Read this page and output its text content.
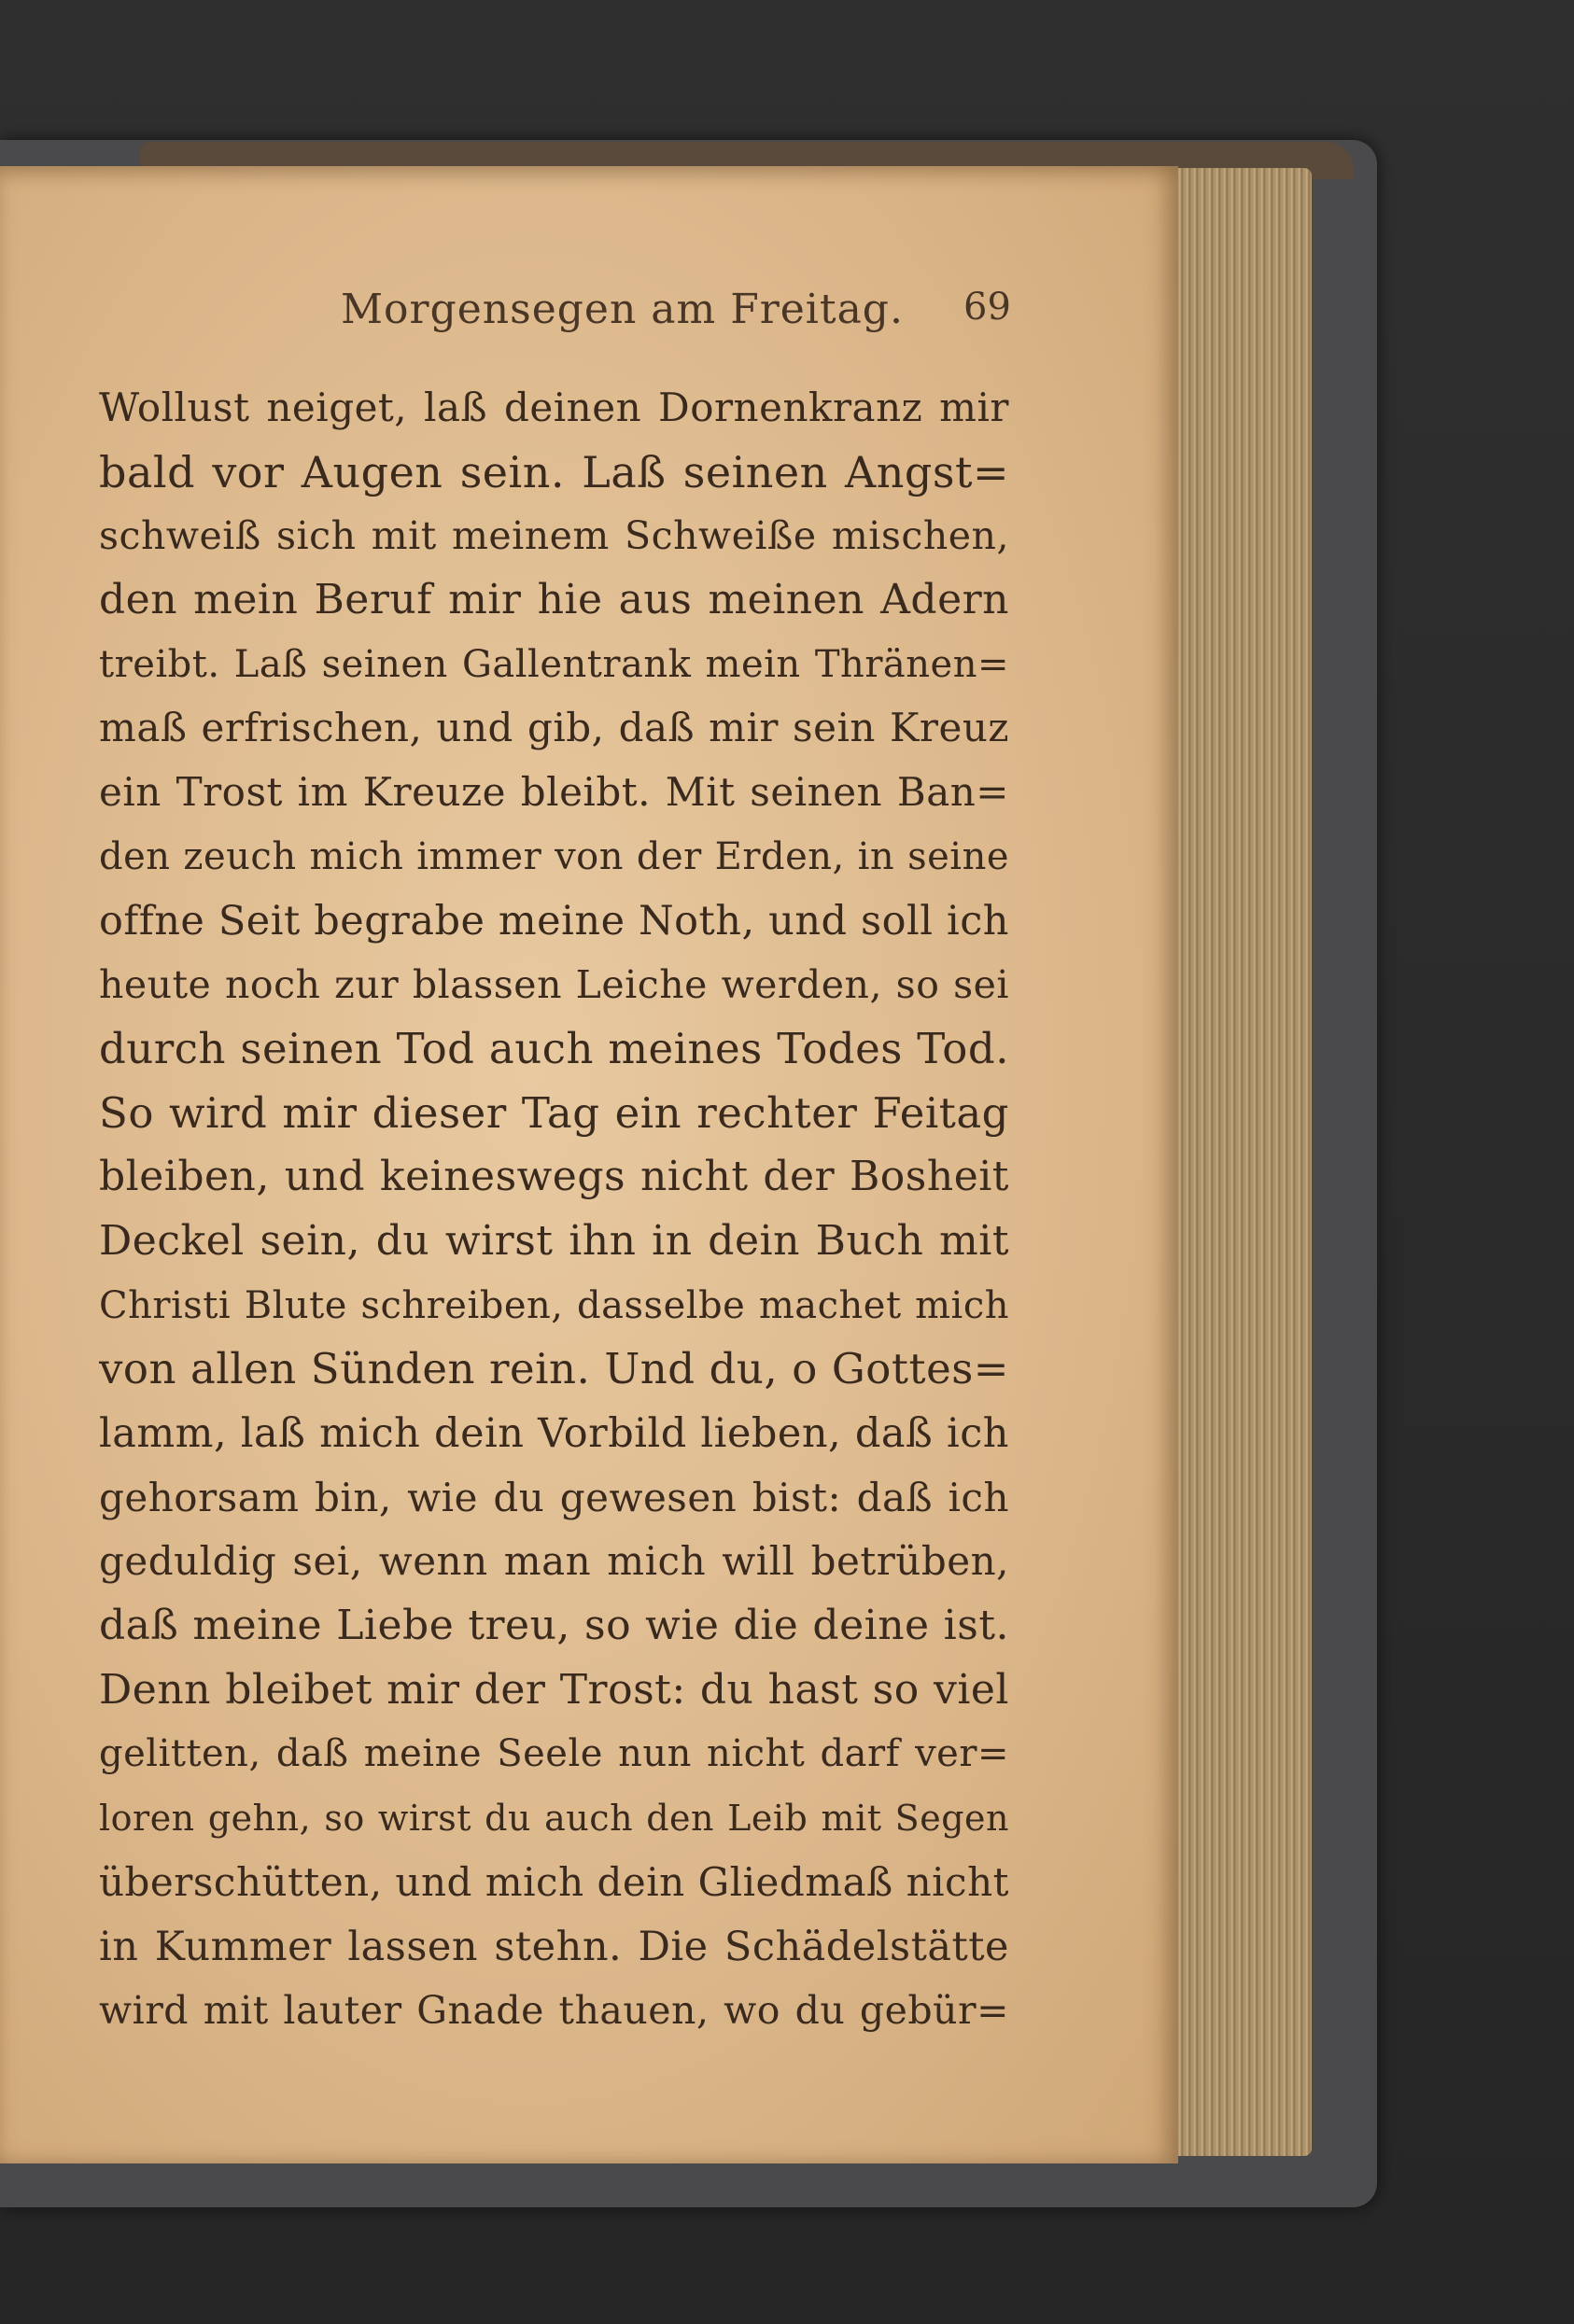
Morgensegen am Freitag. 69
Wollust neiget, laß deinen Dornenkranz mir
bald vor Augen sein. Laß seinen Angst=
schweiß sich mit meinem Schweiße mischen,
den mein Beruf mir hie aus meinen Adern
treibt. Laß seinen Gallentrank mein Thränen=
maß erfrischen, und gib, daß mir sein Kreuz
ein Trost im Kreuze bleibt. Mit seinen Ban=
den zeuch mich immer von der Erden, in seine
offne Seit begrabe meine Noth, und soll ich
heute noch zur blassen Leiche werden, so sei
durch seinen Tod auch meines Todes Tod.
So wird mir dieser Tag ein rechter Feitag
bleiben, und keineswegs nicht der Bosheit
Deckel sein, du wirst ihn in dein Buch mit
Christi Blute schreiben, dasselbe machet mich
von allen Sünden rein. Und du, o Gottes=
lamm, laß mich dein Vorbild lieben, daß ich
gehorsam bin, wie du gewesen bist: daß ich
geduldig sei, wenn man mich will betrüben,
daß meine Liebe treu, so wie die deine ist.
Denn bleibet mir der Trost: du hast so viel
gelitten, daß meine Seele nun nicht darf ver=
loren gehn, so wirst du auch den Leib mit Segen
überschütten, und mich dein Gliedmaß nicht
in Kummer lassen stehn. Die Schädelstätte
wird mit lauter Gnade thauen, wo du gebür=
